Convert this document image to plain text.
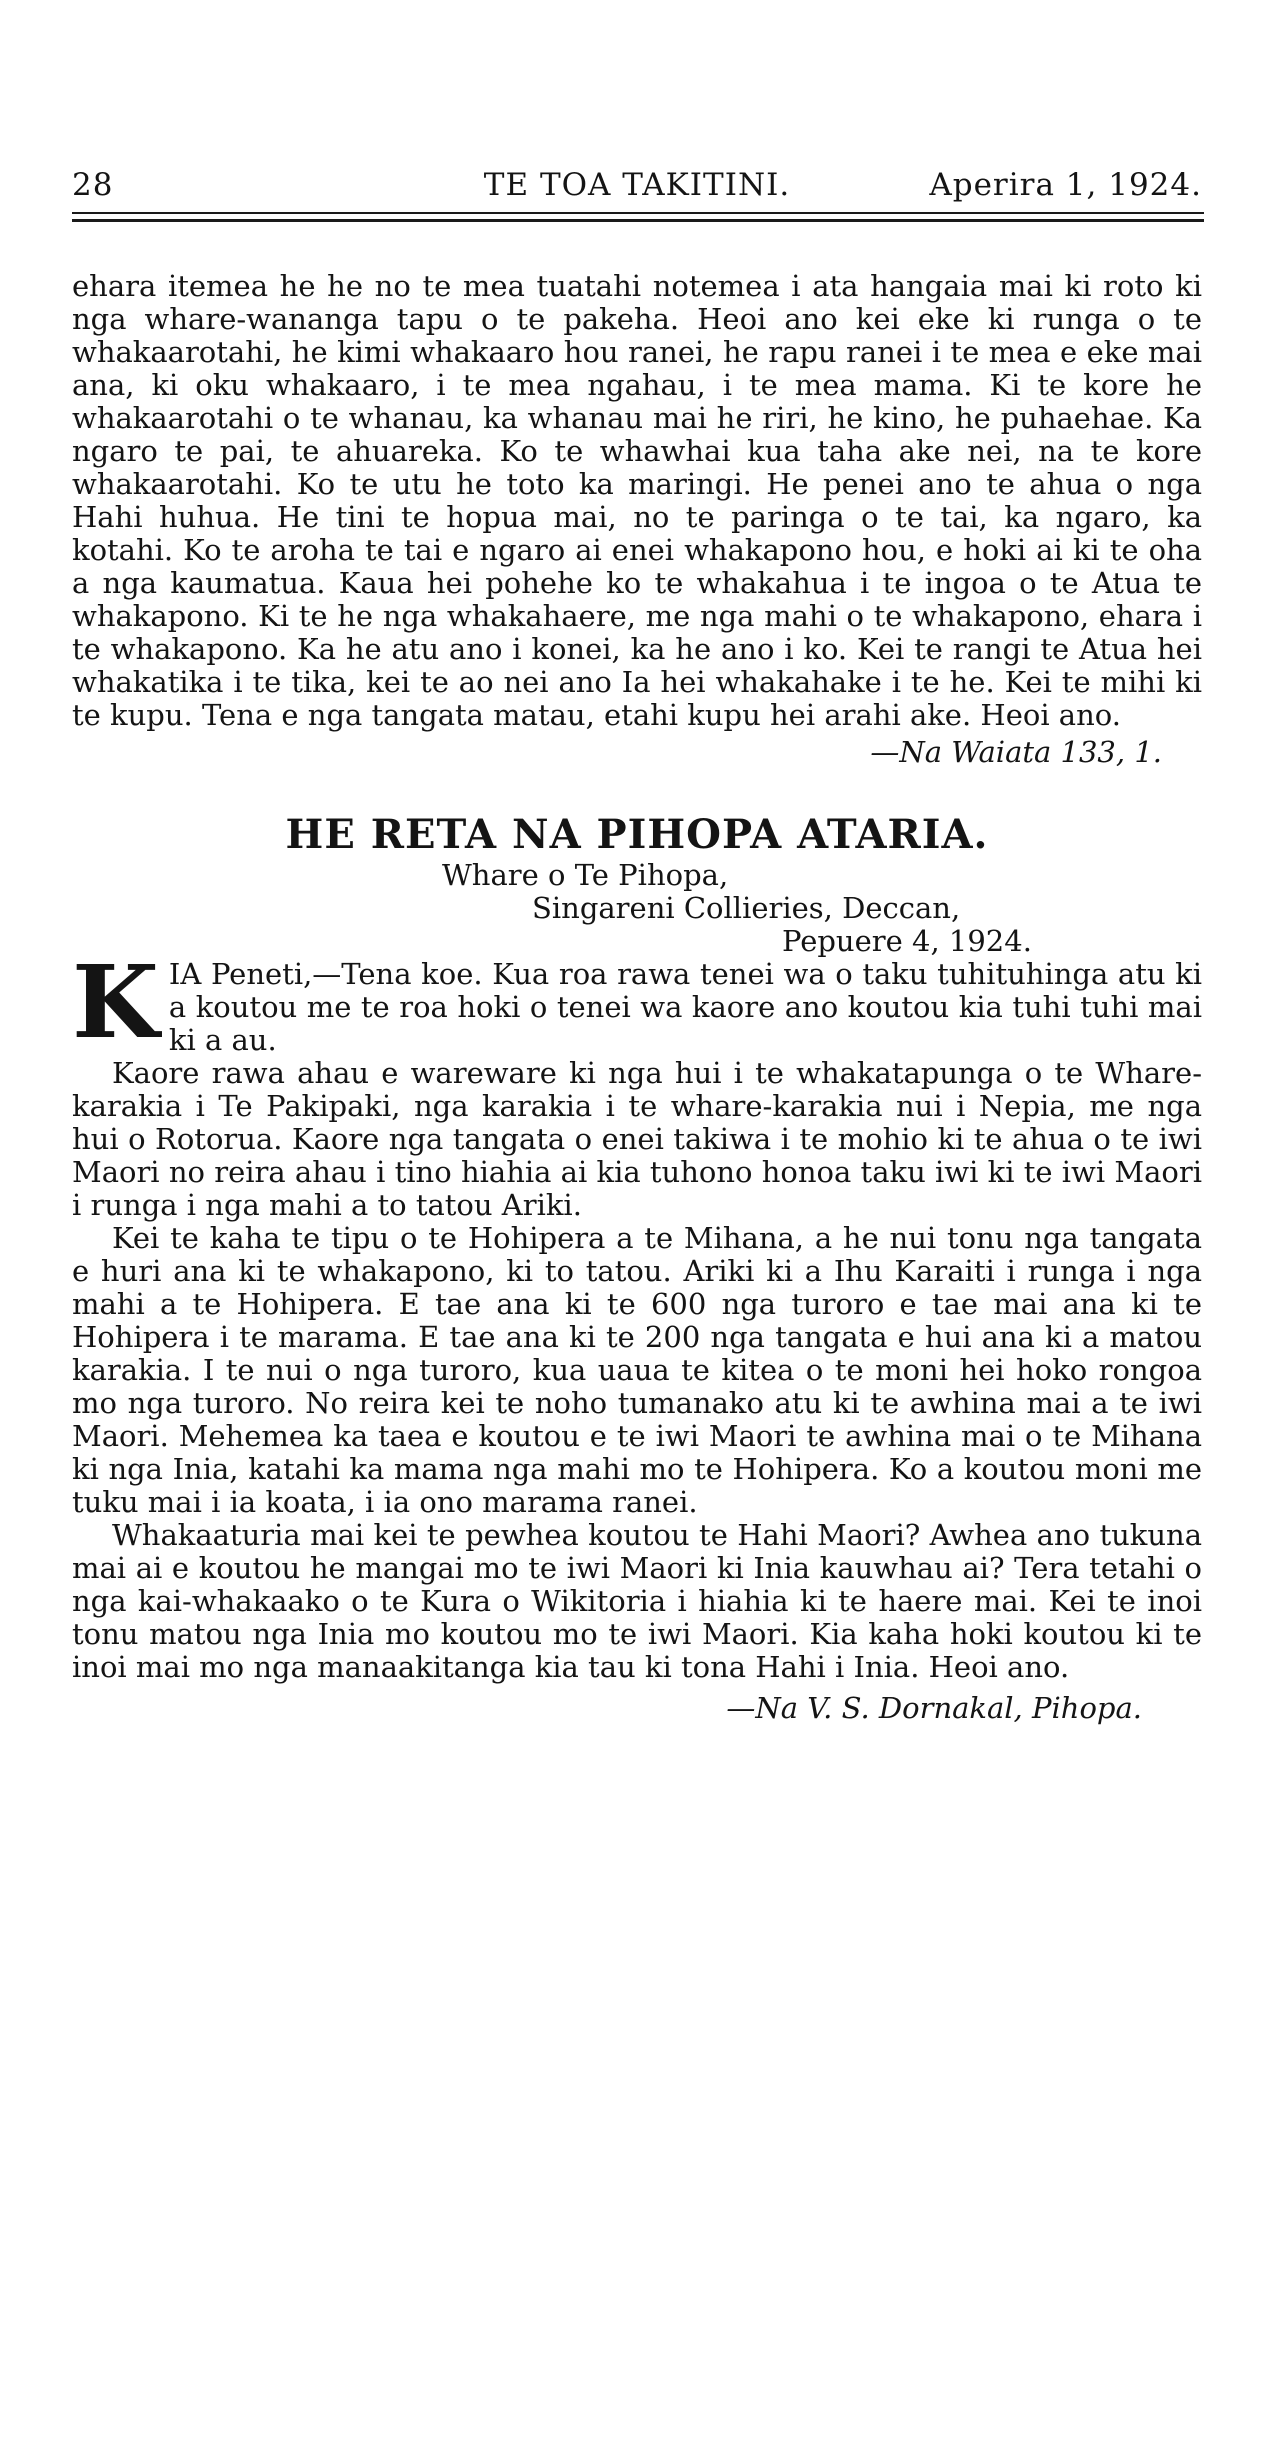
28	TE TOA TAKITINI.	Aperira 1, 1924.

ehara itemea he he no te mea tuatahi notemea i ata hangaia mai ki roto ki nga whare-wananga tapu o te pakeha. Heoi ano kei eke ki runga o te whakaarotahi, he kimi whakaaro hou ranei, he rapu ranei i te mea e eke mai ana, ki oku whakaaro, i te mea ngahau, i te mea mama. Ki te kore he whakaarotahi o te whanau, ka whanau mai he riri, he kino, he puhaehae. Ka ngaro te pai, te ahuareka. Ko te whawhai kua taha ake nei, na te kore whakaarotahi. Ko te utu he toto ka maringi. He penei ano te ahua o nga Hahi huhua. He tini te hopua mai, no te paringa o te tai, ka ngaro, ka kotahi. Ko te aroha te tai e ngaro ai enei whakapono hou, e hoki ai ki te oha a nga kaumatua. Kaua hei pohehe ko te whakahua i te ingoa o te Atua te whakapono. Ki te he nga whakahaere, me nga mahi o te whakapono, ehara i te whakapono. Ka he atu ano i konei, ka he ano i ko. Kei te rangi te Atua hei whakatika i te tika, kei te ao nei ano Ia hei whakahake i te he. Kei te mihi ki te kupu. Tena e nga tangata matau, etahi kupu hei arahi ake. Heoi ano.

—Na Waiata 133, 1.

HE RETA NA PIHOPA ATARIA.

Whare o Te Pihopa,

Singareni Collieries, Deccan,

Pepuere 4, 1924.

K IA Peneti,—Tena koe. Kua roa rawa tenei wa o taku tuhituhinga atu ki a koutou me te roa hoki o tenei wa kaore ano koutou kia tuhi tuhi mai ki a au.

Kaore rawa ahau e wareware ki nga hui i te whakatapunga o te Whare-karakia i Te Pakipaki, nga karakia i te whare-karakia nui i Nepia, me nga hui o Rotorua. Kaore nga tangata o enei takiwa i te mohio ki te ahua o te iwi Maori no reira ahau i tino hiahia ai kia tuhono honoa taku iwi ki te iwi Maori i runga i nga mahi a to tatou Ariki.

Kei te kaha te tipu o te Hohipera a te Mihana, a he nui tonu nga tangata e huri ana ki te whakapono, ki to tatou. Ariki ki a Ihu Karaiti i runga i nga mahi a te Hohipera. E tae ana ki te 600 nga turoro e tae mai ana ki te Hohipera i te marama. E tae ana ki te 200 nga tangata e hui ana ki a matou karakia. I te nui o nga turoro, kua uaua te kitea o te moni hei hoko rongoa mo nga turoro. No reira kei te noho tumanako atu ki te awhina mai a te iwi Maori. Mehemea ka taea e koutou e te iwi Maori te awhina mai o te Mihana ki nga Inia, katahi ka mama nga mahi mo te Hohipera. Ko a koutou moni me tuku mai i ia koata, i ia ono marama ranei.

Whakaaturia mai kei te pewhea koutou te Hahi Maori? Awhea ano tukuna mai ai e koutou he mangai mo te iwi Maori ki Inia kauwhau ai? Tera tetahi o nga kai-whakaako o te Kura o Wikitoria i hiahia ki te haere mai. Kei te inoi tonu matou nga Inia mo koutou mo te iwi Maori. Kia kaha hoki koutou ki te inoi mai mo nga manaakitanga kia tau ki tona Hahi i Inia. Heoi ano.

—Na V. S. Dornakal, Pihopa.
